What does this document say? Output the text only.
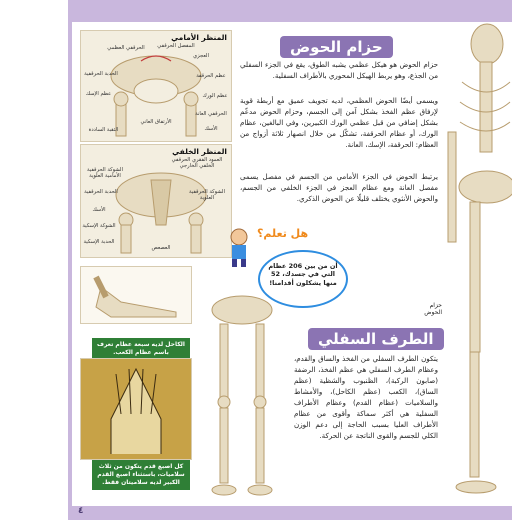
المنظر الأمامي
المفصل الحرقفي
الحرقفي العظمي
العجزي
الحدبة الحرقفية	عظم الحرقفة
عظم الورك
عظم الإسك
الحرقفي العانة
الأرتفاق العاني
الأسك
الثقبة الساددة
المنظر الخلفي
العمود الفقري الحرقفي الخلفي الخارجي
الشوكة الحرقفية الأمامية العلوية
الحدبة الحرقفية	الشوكة الحرقفية العلوية
الأسك
العصعص
الشوكة الإسكية
الحدبة الإسكية
حزام الحوض
حزام الحوض
حزام الحوض هو هيكل عظمي يشبه الطوق، يقع في الجزء السفلي من الجذع، وهو يربط الهيكل المحوري بالأطراف السفلية.
ويسمى أيضًا الحوض العظمي، لديه تجويف عميق مع أربطة قوية لإرفاق عظم الفخذ بشكل آمن إلى الجسم، وحزام الحوض مدعّم بشكل إضافي من قبل عظمي الورك الكبيرين، وفي البالغين، عظام الورك، أو عظام الحرقفة، تشكّل من خلال انصهار ثلاثة أزواج من العظام: الحرقفة، الإسك، العانة.
يرتبط الحوض في الجزء الأمامي من الجسم في مفصل يسمى مفصل العانة ومع عظام العجز في الجزء الخلفي من الجسم، والحوض الأنثوي يختلف قليلًا عن الحوض الذكري.
هل تعلم؟
أن من بين 206 عظام التي في جسدك، 52 منها يشكلون أقدامنا!
الكاحل لديه سبعة عظام تعرف باسم عظام الكعب.
كل اصبع قدم يتكون من ثلاث سلاميات، باستثناء اصبع القدم الكبير لديه سلاميتان فقط.
الطرف السفلي
يتكون الطرف السفلي من الفخذ والساق والقدم، وعظام الطرف السفلي هي عظم الفخذ، الرضفة (صابون الركبة)، الظنبوب والشظية (عظم الساق)، الكعب (عظم الكاحل)، والأمشاط والسلاميات (عظام القدم) وعظام الأطراف السفلية هي أكثر سماكة وأقوى من عظام الأطراف العليا بسبب الحاجة إلى دعم الوزن الكلي للجسم والقوى الناتجة عن الحركة.
٤
